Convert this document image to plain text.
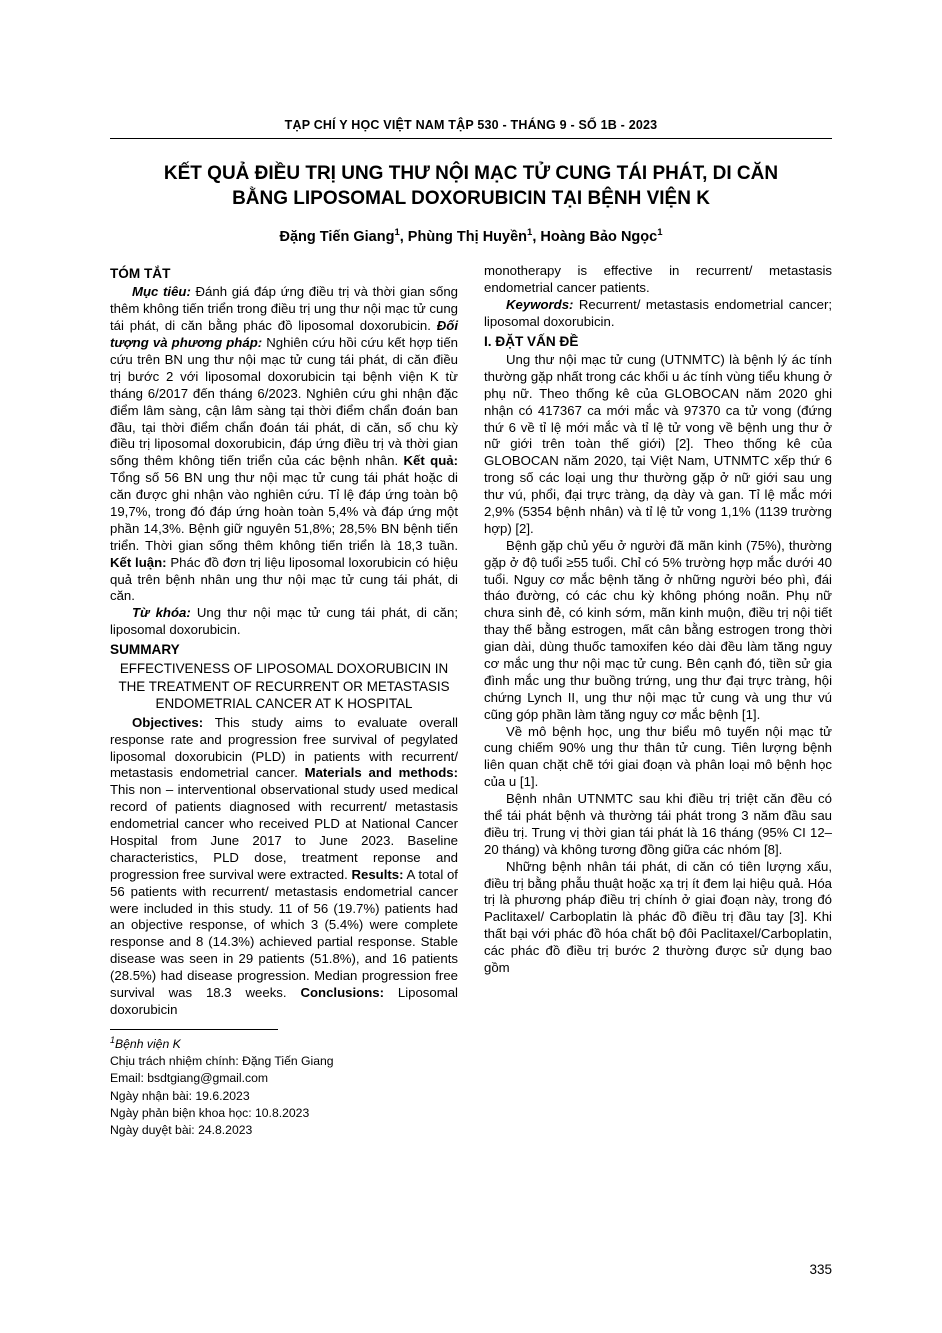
TẠP CHÍ Y HỌC VIỆT NAM TẬP 530 - THÁNG 9 - SỐ 1B - 2023
KẾT QUẢ ĐIỀU TRỊ UNG THƯ NỘI MẠC TỬ CUNG TÁI PHÁT, DI CĂN
BẰNG LIPOSOMAL DOXORUBICIN TẠI BỆNH VIỆN K
Đặng Tiến Giang$^1$, Phùng Thị Huyền$^1$, Hoàng Bảo Ngọc$^1$
TÓM TẮT

Mục tiêu: Đánh giá đáp ứng điều trị và thời gian sống thêm không tiến triển trong điều trị ung thư nội mạc tử cung tái phát, di căn bằng phác đồ liposomal doxorubicin. Đối tượng và phương pháp: Nghiên cứu hồi cứu kết hợp tiến cứu trên BN ung thư nội mạc tử cung tái phát, di căn điều trị bước 2 với liposomal doxorubicin tại bệnh viện K từ tháng 6/2017 đến tháng 6/2023. Nghiên cứu ghi nhận đặc điểm lâm sàng, cận lâm sàng tại thời điểm chẩn đoán ban đầu, tại thời điểm chẩn đoán tái phát, di căn, số chu kỳ điều trị liposomal doxorubicin, đáp ứng điều trị và thời gian sống thêm không tiến triển của các bệnh nhân. Kết quả: Tổng số 56 BN ung thư nội mạc tử cung tái phát hoặc di căn được ghi nhận vào nghiên cứu. Tỉ lệ đáp ứng toàn bộ 19,7%, trong đó đáp ứng hoàn toàn 5,4% và đáp ứng một phần 14,3%. Bệnh giữ nguyên 51,8%; 28,5% BN bệnh tiến triển. Thời gian sống thêm không tiến triển là 18,3 tuần. Kết luận: Phác đồ đơn trị liệu liposomal loxorubicin có hiệu quả trên bệnh nhân ung thư nội mạc tử cung tái phát, di căn.

Từ khóa: Ung thư nội mạc tử cung tái phát, di căn; liposomal doxorubicin.

SUMMARY
EFFECTIVENESS OF LIPOSOMAL DOXORUBICIN IN THE TREATMENT OF RECURRENT OR METASTASIS ENDOMETRIAL CANCER AT K HOSPITAL

Objectives: This study aims to evaluate overall response rate and progression free survival of pegylated liposomal doxorubicin (PLD) in patients with recurrent/ metastasis endometrial cancer. Materials and methods: This non – interventional observational study used medical record of patients diagnosed with recurrent/ metastasis endometrial cancer who received PLD at National Cancer Hospital from June 2017 to June 2023. Baseline characteristics, PLD dose, treatment reponse and progression free survival were extracted. Results: A total of 56 patients with recurrent/ metastasis endometrial cancer were included in this study. 11 of 56 (19.7%) patients had an objective response, of which 3 (5.4%) were complete response and 8 (14.3%) achieved partial response. Stable disease was seen in 29 patients (51.8%), and 16 patients (28.5%) had disease progression. Median progression free survival was 18.3 weeks. Conclusions: Liposomal doxorubicin

$^1$Bệnh viện K
Chịu trách nhiệm chính: Đặng Tiến Giang
Email: bsdtgiang@gmail.com
Ngày nhận bài: 19.6.2023
Ngày phản biện khoa học: 10.8.2023
Ngày duyệt bài: 24.8.2023

monotherapy is effective in recurrent/ metastasis endometrial cancer patients.

Keywords: Recurrent/ metastasis endometrial cancer; liposomal doxorubicin.

I. ĐẶT VẤN ĐỀ

Ung thư nội mạc tử cung (UTNMTC) là bệnh lý ác tính thường gặp nhất trong các khối u ác tính vùng tiểu khung ở phụ nữ. Theo thống kê của GLOBOCAN năm 2020 ghi nhận có 417367 ca mới mắc và 97370 ca tử vong (đứng thứ 6 về tỉ lệ mới mắc và tỉ lệ tử vong về bệnh ung thư ở nữ giới trên toàn thế giới) [2]. Theo thống kê của GLOBOCAN năm 2020, tại Việt Nam, UTNMTC xếp thứ 6 trong số các loại ung thư thường gặp ở nữ giới sau ung thư vú, phổi, đại trực tràng, dạ dày và gan. Tỉ lệ mắc mới 2,9% (5354 bệnh nhân) và tỉ lệ tử vong 1,1% (1139 trường hợp) [2].

Bệnh gặp chủ yếu ở người đã mãn kinh (75%), thường gặp ở độ tuổi ≥55 tuổi. Chỉ có 5% trường hợp mắc dưới 40 tuổi. Nguy cơ mắc bệnh tăng ở những người béo phì, đái tháo đường, có các chu kỳ không phóng noãn. Phụ nữ chưa sinh đẻ, có kinh sớm, mãn kinh muộn, điều trị nội tiết thay thế bằng estrogen, mất cân bằng estrogen trong thời gian dài, dùng thuốc tamoxifen kéo dài đều làm tăng nguy cơ mắc ung thư nội mạc tử cung. Bên cạnh đó, tiền sử gia đình mắc ung thư buồng trứng, ung thư đại trực tràng, hội chứng Lynch II, ung thư nội mạc tử cung và ung thư vú cũng góp phần làm tăng nguy cơ mắc bệnh [1].

Về mô bệnh học, ung thư biểu mô tuyến nội mạc tử cung chiếm 90% ung thư thân tử cung. Tiên lượng bệnh liên quan chặt chẽ tới giai đoạn và phân loại mô bệnh học của u [1].

Bệnh nhân UTNMTC sau khi điều trị triệt căn đều có thể tái phát bệnh và thường tái phát trong 3 năm đầu sau điều trị. Trung vị thời gian tái phát là 16 tháng (95% CI 12–20 tháng) và không tương đồng giữa các nhóm [8].

Những bệnh nhân tái phát, di căn có tiên lượng xấu, điều trị bằng phẫu thuật hoặc xạ trị ít đem lại hiệu quả. Hóa trị là phương pháp điều trị chính ở giai đoạn này, trong đó Paclitaxel/ Carboplatin là phác đồ điều trị đầu tay [3]. Khi thất bại với phác đồ hóa chất bộ đôi Paclitaxel/Carboplatin, các phác đồ điều trị bước 2 thường được sử dụng bao gồm

335
